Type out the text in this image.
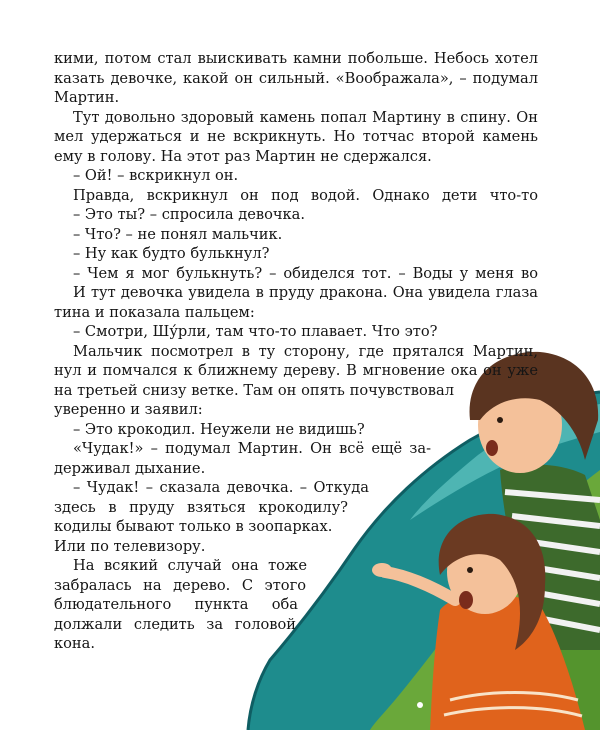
кими, потом стал выискивать камни побольше. Небось хотел
казать девочке, какой он сильный. «Воображала», – подумал
Мартин.
Тут довольно здоровый камень попал Мартину в спину. Он
мел удержаться и не вскрикнуть. Но тотчас второй камень
ему в голову. На этот раз Мартин не сдержался.
– Ой! – вскрикнул он.
Правда, вскрикнул он под водой. Однако дети что-то
– Это ты? – спросила девочка.
– Что? – не понял мальчик.
– Ну как будто булькнул?
– Чем я мог булькнуть? – обиделся тот. – Воды у меня во
И тут девочка увидела в пруду дракона. Она увидела глаза
тина и показала пальцем:
– Смотри, Шу́рли, там что-то плавает. Что это?
Мальчик посмотрел в ту сторону, где прятался Мартин,
нул и помчался к ближнему дереву. В мгновение ока он уже
на третьей снизу ветке. Там он опять почувствовал
уверенно и заявил:
– Это крокодил. Неужели не видишь?
«Чудак!» – подумал Мартин. Он всё ещё за-
держивал дыхание.
– Чудак! – сказала девочка. – Откуда
здесь в пруду взяться крокодилу?
кодилы бывают только в зоопарках.
Или по телевизору.
На всякий случай она тоже
забралась на дерево. С этого
блюдательного пункта оба
должали следить за головой
кона.
